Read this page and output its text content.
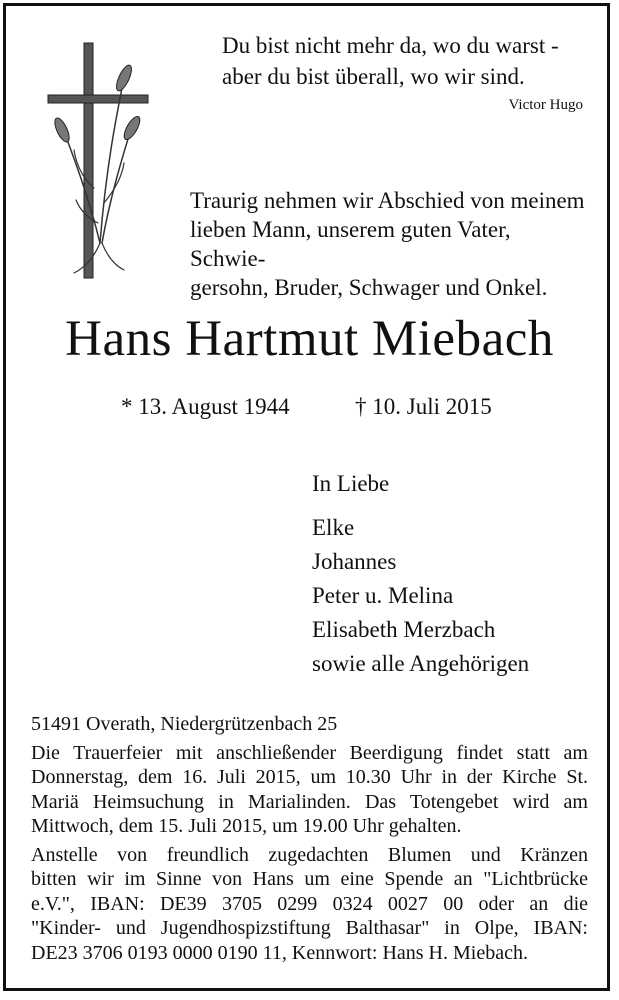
Du bist nicht mehr da, wo du warst -
aber du bist überall, wo wir sind.
Victor Hugo
Traurig nehmen wir Abschied von meinem
lieben Mann, unserem guten Vater, Schwie-
gersohn, Bruder, Schwager und Onkel.
Hans Hartmut Miebach
* 13. August 1944	† 10. Juli 2015
In Liebe
Elke
Johannes
Peter u. Melina
Elisabeth Merzbach
sowie alle Angehörigen
51491 Overath, Niedergrützenbach 25

Die Trauerfeier mit anschließender Beerdigung findet statt am

Donnerstag, dem 16. Juli 2015, um 10.30 Uhr in der Kirche St.

Mariä Heimsuchung in Marialinden. Das Totengebet wird am

Mittwoch, dem 15. Juli 2015, um 19.00 Uhr gehalten.

Anstelle von freundlich zugedachten Blumen und Kränzen

bitten wir im Sinne von Hans um eine Spende an "Lichtbrücke

e.V.", IBAN: DE39 3705 0299 0324 0027 00 oder an die

"Kinder- und Jugendhospizstiftung Balthasar" in Olpe, IBAN:

DE23 3706 0193 0000 0190 11, Kennwort: Hans H. Miebach.
